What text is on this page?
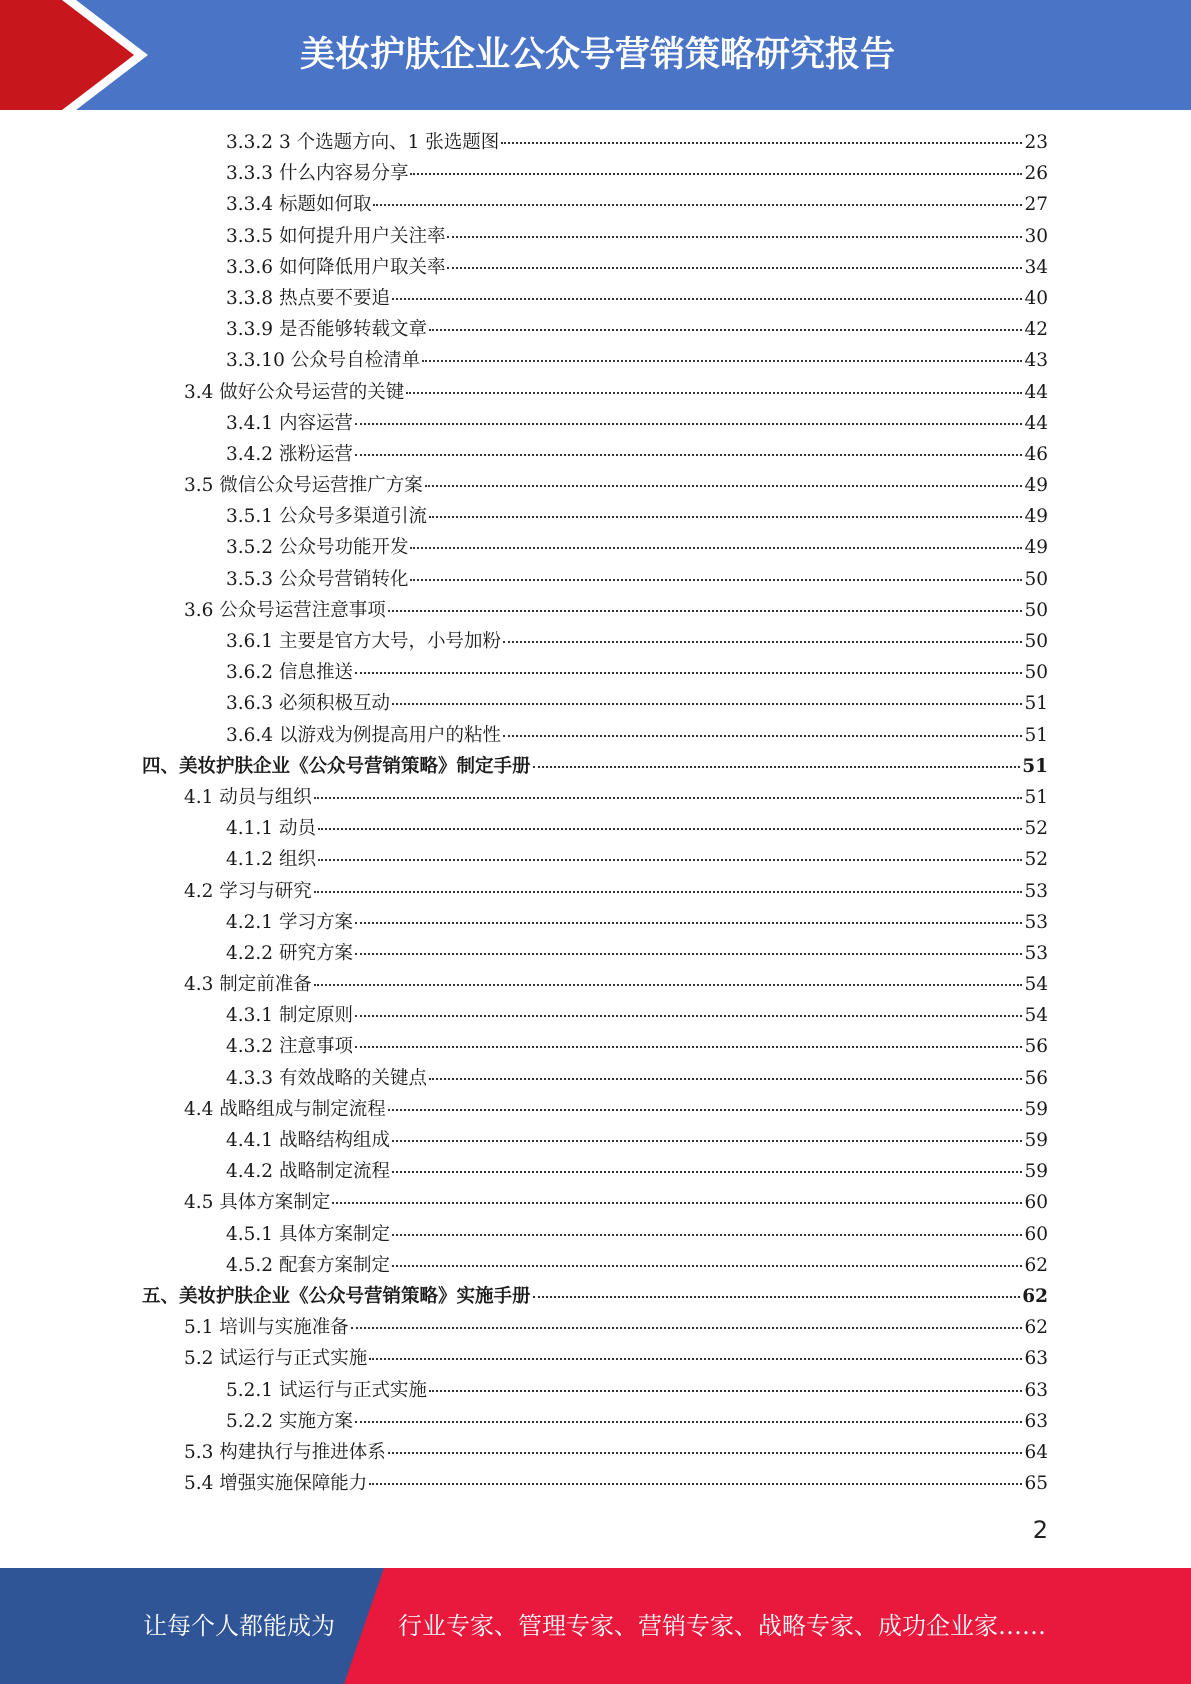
美妆护肤企业公众号营销策略研究报告
3.3.2 3 个选题方向、1 张选题图	23
3.3.3 什么内容易分享	26
3.3.4 标题如何取	27
3.3.5 如何提升用户关注率	30
3.3.6 如何降低用户取关率	34
3.3.8 热点要不要追	40
3.3.9 是否能够转载文章	42
3.3.10 公众号自检清单	43
3.4 做好公众号运营的关键	44
3.4.1 内容运营	44
3.4.2 涨粉运营	46
3.5 微信公众号运营推广方案	49
3.5.1 公众号多渠道引流	49
3.5.2 公众号功能开发	49
3.5.3 公众号营销转化	50
3.6 公众号运营注意事项	50
3.6.1 主要是官方大号，小号加粉	50
3.6.2 信息推送	50
3.6.3 必须积极互动	51
3.6.4 以游戏为例提高用户的粘性	51
四、美妆护肤企业《公众号营销策略》制定手册	51
4.1 动员与组织	51
4.1.1 动员	52
4.1.2 组织	52
4.2 学习与研究	53
4.2.1 学习方案	53
4.2.2 研究方案	53
4.3 制定前准备	54
4.3.1 制定原则	54
4.3.2 注意事项	56
4.3.3 有效战略的关键点	56
4.4 战略组成与制定流程	59
4.4.1 战略结构组成	59
4.4.2 战略制定流程	59
4.5 具体方案制定	60
4.5.1 具体方案制定	60
4.5.2 配套方案制定	62
五、美妆护肤企业《公众号营销策略》实施手册	62
5.1 培训与实施准备	62
5.2 试运行与正式实施	63
5.2.1 试运行与正式实施	63
5.2.2 实施方案	63
5.3 构建执行与推进体系	64
5.4 增强实施保障能力	65
2
让每个人都能成为	行业专家、管理专家、营销专家、战略专家、成功企业家……
